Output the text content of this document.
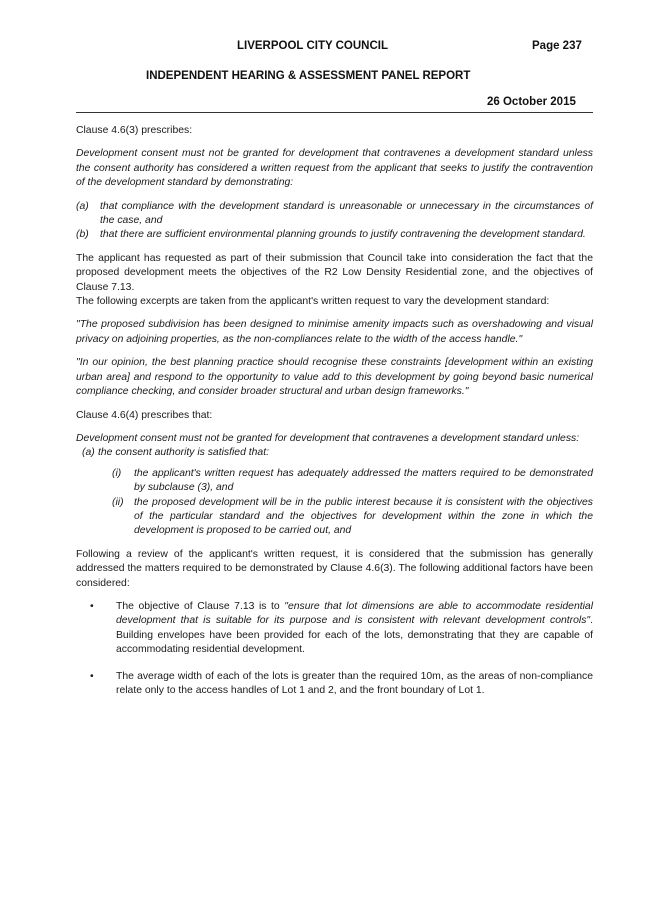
LIVERPOOL CITY COUNCIL	Page 237
INDEPENDENT HEARING & ASSESSMENT PANEL REPORT
26 October 2015

Clause 4.6(3) prescribes:

Development consent must not be granted for development that contravenes a development standard unless the consent authority has considered a written request from the applicant that seeks to justify the contravention of the development standard by demonstrating:

(a) that compliance with the development standard is unreasonable or unnecessary in the circumstances of the case, and
(b) that there are sufficient environmental planning grounds to justify contravening the development standard.

The applicant has requested as part of their submission that Council take into consideration the fact that the proposed development meets the objectives of the R2 Low Density Residential zone, and the objectives of Clause 7.13.

The following excerpts are taken from the applicant's written request to vary the development standard:

"The proposed subdivision has been designed to minimise amenity impacts such as overshadowing and visual privacy on adjoining properties, as the non-compliances relate to the width of the access handle."

"In our opinion, the best planning practice should recognise these constraints [development within an existing urban area] and respond to the opportunity to value add to this development by going beyond basic numerical compliance checking, and consider broader structural and urban design frameworks."

Clause 4.6(4) prescribes that:

Development consent must not be granted for development that contravenes a development standard unless:

(a) the consent authority is satisfied that:
(i) the applicant's written request has adequately addressed the matters required to be demonstrated by subclause (3), and
(ii) the proposed development will be in the public interest because it is consistent with the objectives of the particular standard and the objectives for development within the zone in which the development is proposed to be carried out, and

Following a review of the applicant's written request, it is considered that the submission has generally addressed the matters required to be demonstrated by Clause 4.6(3). The following additional factors have been considered:

• The objective of Clause 7.13 is to "ensure that lot dimensions are able to accommodate residential development that is suitable for its purpose and is consistent with relevant development controls". Building envelopes have been provided for each of the lots, demonstrating that they are capable of accommodating residential development.
• The average width of each of the lots is greater than the required 10m, as the areas of non-compliance relate only to the access handles of Lot 1 and 2, and the front boundary of Lot 1.
